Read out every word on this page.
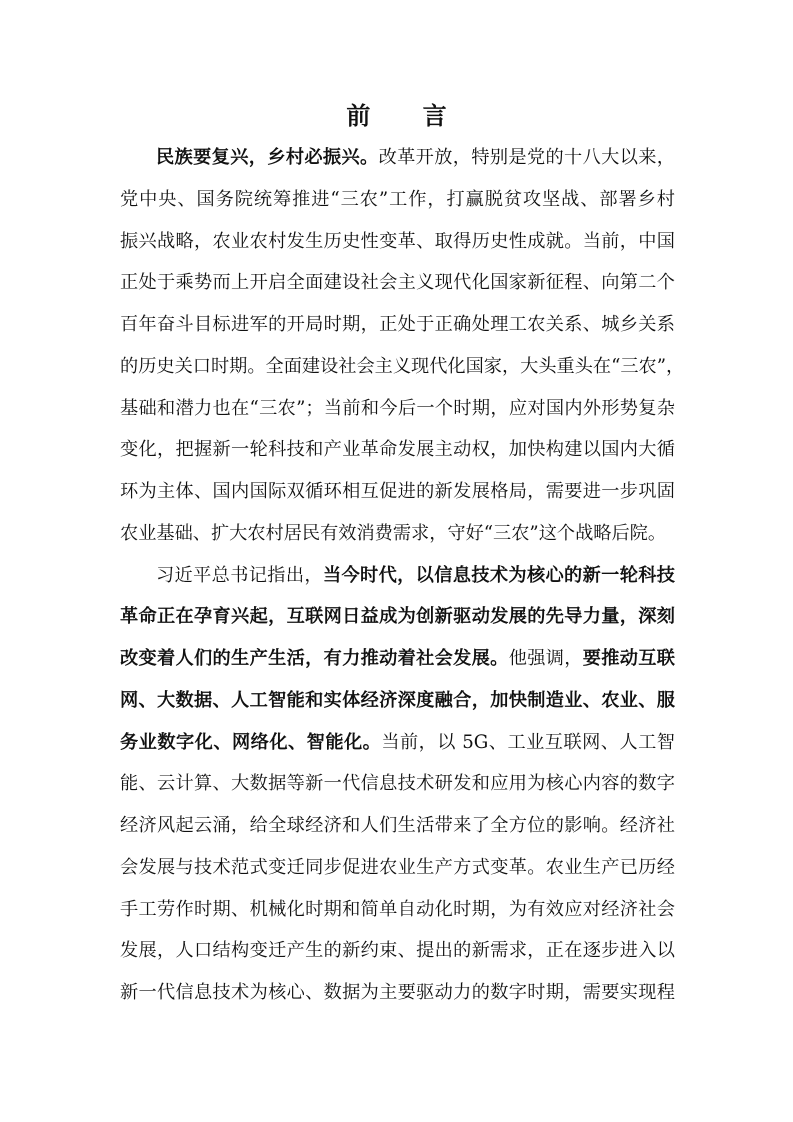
前 言
民族要复兴，乡村必振兴。改革开放，特别是党的十八大以来，
党中央、国务院统筹推进“三农”工作，打赢脱贫攻坚战、部署乡村
振兴战略，农业农村发生历史性变革、取得历史性成就。当前，中国
正处于乘势而上开启全面建设社会主义现代化国家新征程、向第二个
百年奋斗目标进军的开局时期，正处于正确处理工农关系、城乡关系
的历史关口时期。全面建设社会主义现代化国家，大头重头在“三农”，
基础和潜力也在“三农”；当前和今后一个时期，应对国内外形势复杂
变化，把握新一轮科技和产业革命发展主动权，加快构建以国内大循
环为主体、国内国际双循环相互促进的新发展格局，需要进一步巩固
农业基础、扩大农村居民有效消费需求，守好“三农”这个战略后院。
习近平总书记指出，当今时代，以信息技术为核心的新一轮科技
革命正在孕育兴起，互联网日益成为创新驱动发展的先导力量，深刻
改变着人们的生产生活，有力推动着社会发展。他强调，要推动互联
网、大数据、人工智能和实体经济深度融合，加快制造业、农业、服
务业数字化、网络化、智能化。当前，以 5G、工业互联网、人工智
能、云计算、大数据等新一代信息技术研发和应用为核心内容的数字
经济风起云涌，给全球经济和人们生活带来了全方位的影响。经济社
会发展与技术范式变迁同步促进农业生产方式变革。农业生产已历经
手工劳作时期、机械化时期和简单自动化时期，为有效应对经济社会
发展，人口结构变迁产生的新约束、提出的新需求，正在逐步进入以
新一代信息技术为核心、数据为主要驱动力的数字时期，需要实现程
